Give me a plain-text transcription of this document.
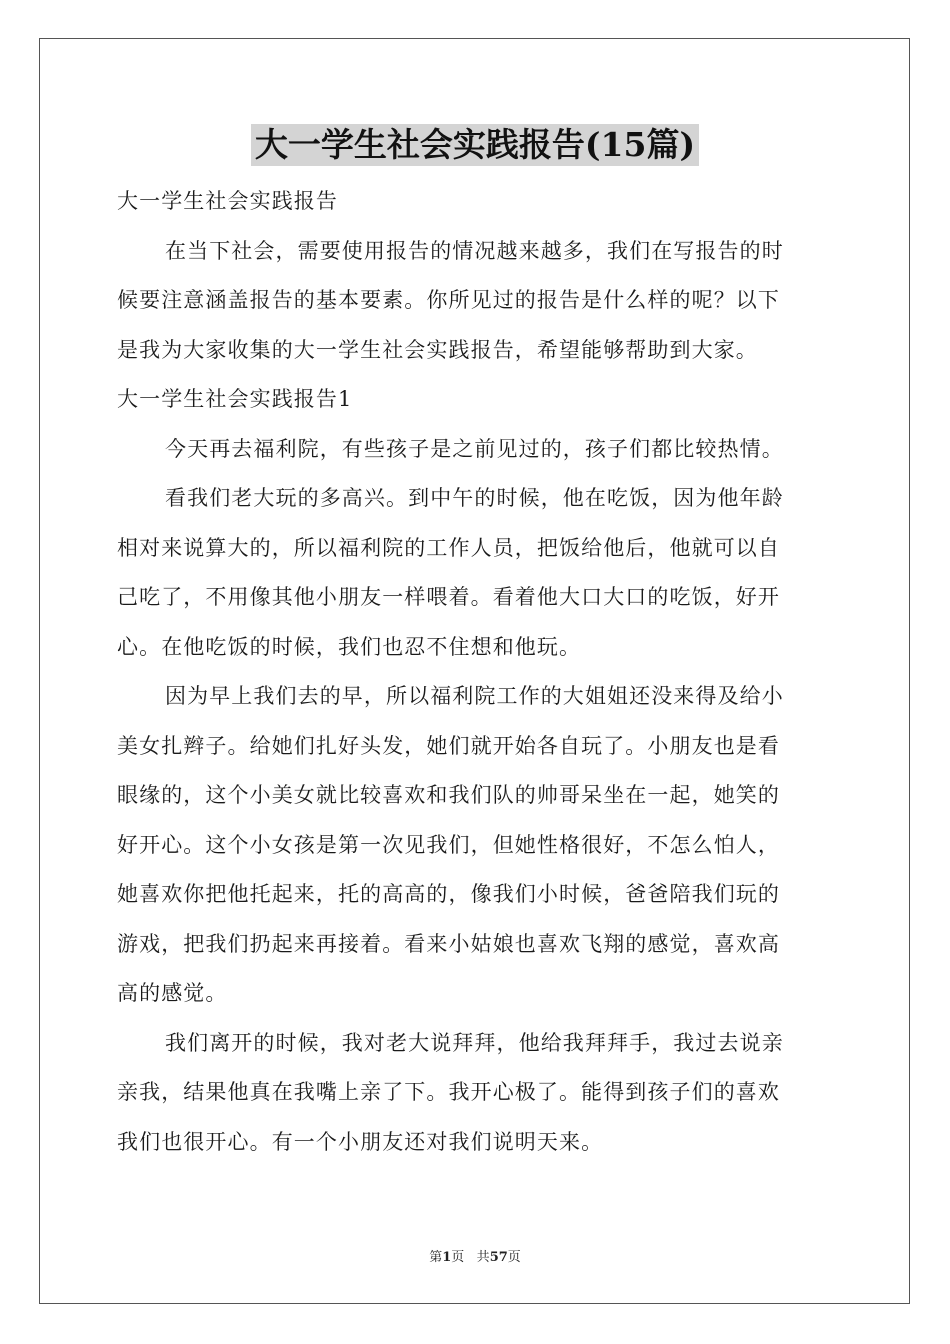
大一学生社会实践报告(15篇)
大一学生社会实践报告
在当下社会，需要使用报告的情况越来越多，我们在写报告的时
候要注意涵盖报告的基本要素。你所见过的报告是什么样的呢？以下
是我为大家收集的大一学生社会实践报告，希望能够帮助到大家。
大一学生社会实践报告1
今天再去福利院，有些孩子是之前见过的，孩子们都比较热情。
看我们老大玩的多高兴。到中午的时候，他在吃饭，因为他年龄
相对来说算大的，所以福利院的工作人员，把饭给他后，他就可以自
己吃了，不用像其他小朋友一样喂着。看着他大口大口的吃饭，好开
心。在他吃饭的时候，我们也忍不住想和他玩。
因为早上我们去的早，所以福利院工作的大姐姐还没来得及给小
美女扎辫子。给她们扎好头发，她们就开始各自玩了。小朋友也是看
眼缘的，这个小美女就比较喜欢和我们队的帅哥呆坐在一起，她笑的
好开心。这个小女孩是第一次见我们，但她性格很好，不怎么怕人，
她喜欢你把他托起来，托的高高的，像我们小时候，爸爸陪我们玩的
游戏，把我们扔起来再接着。看来小姑娘也喜欢飞翔的感觉，喜欢高
高的感觉。
我们离开的时候，我对老大说拜拜，他给我拜拜手，我过去说亲
亲我，结果他真在我嘴上亲了下。我开心极了。能得到孩子们的喜欢
我们也很开心。有一个小朋友还对我们说明天来。
第1页 共57页
